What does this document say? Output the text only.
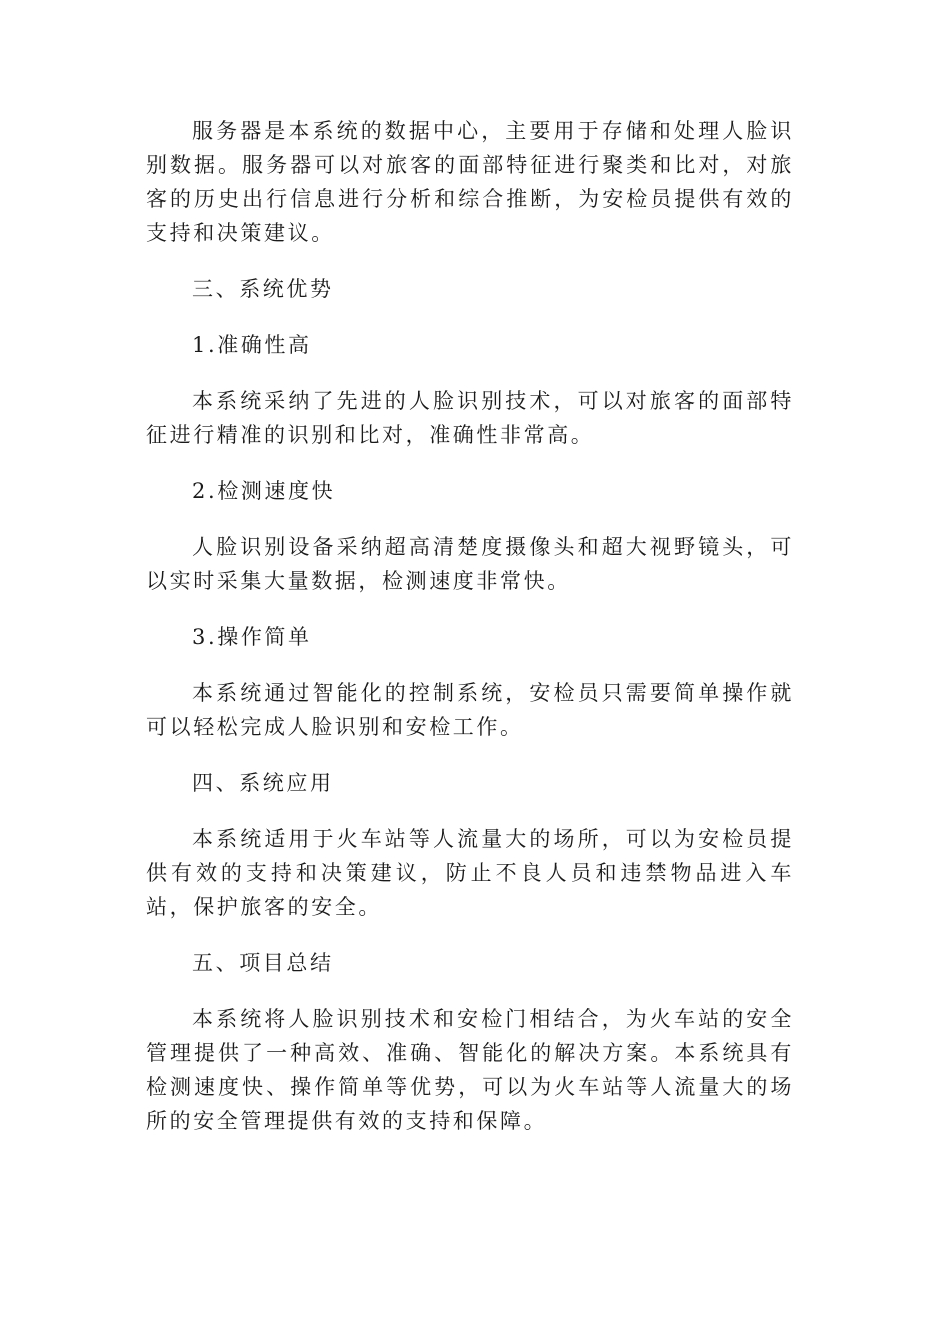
服务器是本系统的数据中心，主要用于存储和处理人脸识别数据。服务器可以对旅客的面部特征进行聚类和比对，对旅客的历史出行信息进行分析和综合推断，为安检员提供有效的支持和决策建议。

三、系统优势

1.准确性高

本系统采纳了先进的人脸识别技术，可以对旅客的面部特征进行精准的识别和比对，准确性非常高。

2.检测速度快

人脸识别设备采纳超高清楚度摄像头和超大视野镜头，可以实时采集大量数据，检测速度非常快。

3.操作简单

本系统通过智能化的控制系统，安检员只需要简单操作就可以轻松完成人脸识别和安检工作。

四、系统应用

本系统适用于火车站等人流量大的场所，可以为安检员提供有效的支持和决策建议，防止不良人员和违禁物品进入车站，保护旅客的安全。

五、项目总结

本系统将人脸识别技术和安检门相结合，为火车站的安全管理提供了一种高效、准确、智能化的解决方案。本系统具有检测速度快、操作简单等优势，可以为火车站等人流量大的场所的安全管理提供有效的支持和保障。
